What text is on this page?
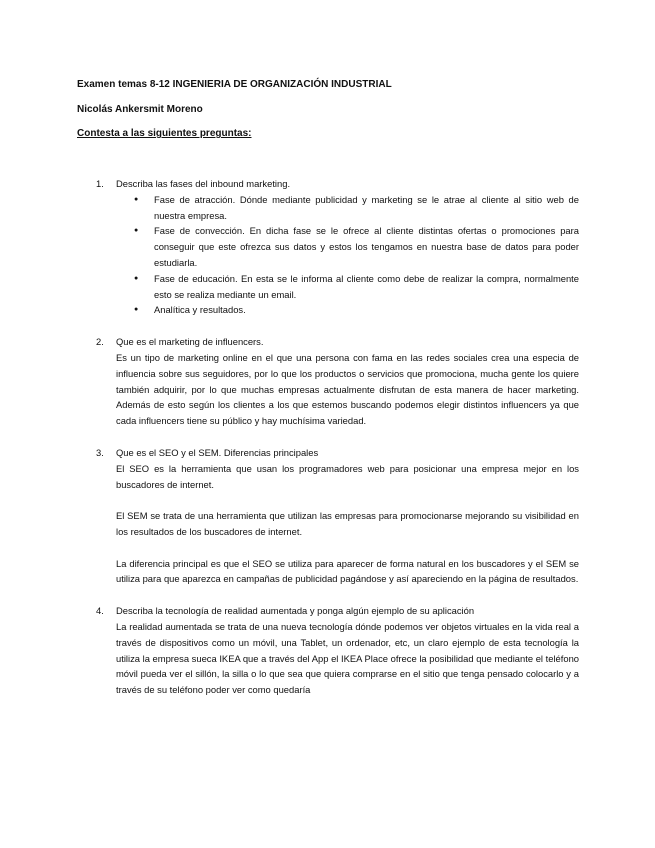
Examen temas 8-12 INGENIERIA DE ORGANIZACIÓN INDUSTRIAL

Nicolás Ankersmit Moreno

Contesta a las siguientes preguntas:

1. Describa las fases del inbound marketing.
● Fase de atracción. Dónde mediante publicidad y marketing se le atrae al cliente al sitio web de nuestra empresa.
● Fase de convección. En dicha fase se le ofrece al cliente distintas ofertas o promociones para conseguir que este ofrezca sus datos y estos los tengamos en nuestra base de datos para poder estudiarla.
● Fase de educación. En esta se le informa al cliente como debe de realizar la compra, normalmente esto se realiza mediante un email.
● Analítica y resultados.
2. Que es el marketing de influencers.

Es un tipo de marketing online en el que una persona con fama en las redes sociales crea una especia de influencia sobre sus seguidores, por lo que los productos o servicios que promociona, mucha gente los quiere también adquirir, por lo que muchas empresas actualmente disfrutan de esta manera de hacer marketing. Además de esto según los clientes a los que estemos buscando podemos elegir distintos influencers ya que cada influencers tiene su público y hay muchísima variedad.

3. Que es el SEO y el SEM. Diferencias principales

El SEO es la herramienta que usan los programadores web para posicionar una empresa mejor en los buscadores de internet.

El SEM se trata de una herramienta que utilizan las empresas para promocionarse mejorando su visibilidad en los resultados de los buscadores de internet.

La diferencia principal es que el SEO se utiliza para aparecer de forma natural en los buscadores y el SEM se utiliza para que aparezca en campañas de publicidad pagándose y así apareciendo en la página de resultados.

4. Describa la tecnología de realidad aumentada y ponga algún ejemplo de su aplicación

La realidad aumentada se trata de una nueva tecnología dónde podemos ver objetos virtuales en la vida real a través de dispositivos como un móvil, una Tablet, un ordenador, etc, un claro ejemplo de esta tecnología la utiliza la empresa sueca IKEA que a través del App el IKEA Place ofrece la posibilidad que mediante el teléfono móvil pueda ver el sillón, la silla o lo que sea que quiera comprarse en el sitio que tenga pensado colocarlo y a través de su teléfono poder ver como quedaría
